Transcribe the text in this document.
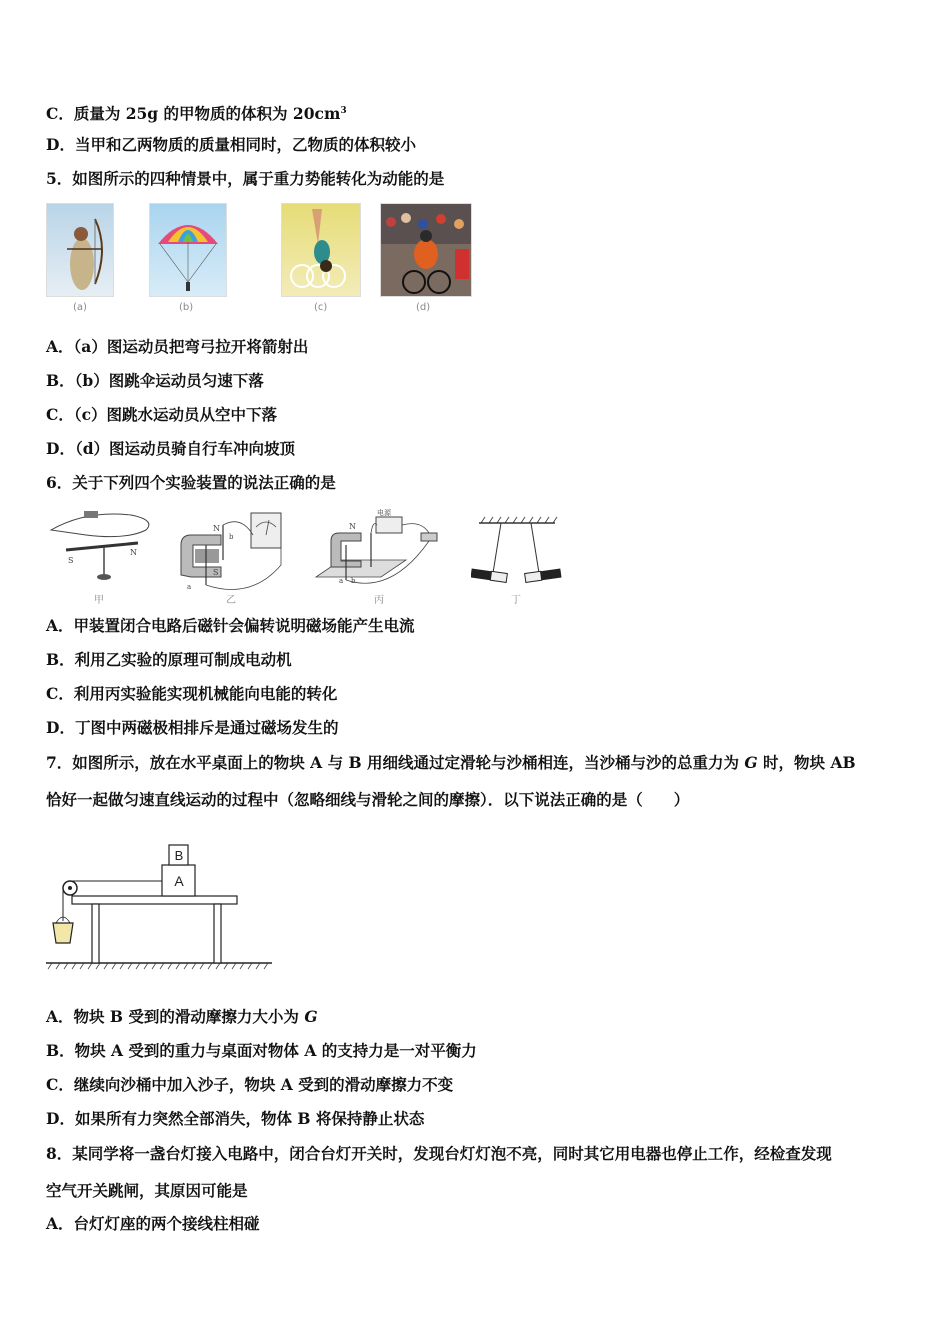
C．质量为 25g 的甲物质的体积为 $20cm^3$
D．当甲和乙两物质的质量相同时，乙物质的体积较小
5．如图所示的四种情景中，属于重力势能转化为动能的是
(a)	(b)	(c)	(d)
A．（a）图运动员把弯弓拉开将箭射出
B．（b）图跳伞运动员匀速下落
C．（c）图跳水运动员从空中下落
D．（d）图运动员骑自行车冲向坡顶
6．关于下列四个实验装置的说法正确的是
S
N
甲
N
S
b
a
乙
电源
N
a b
丙	丁
A．甲装置闭合电路后磁针会偏转说明磁场能产生电流
B．利用乙实验的原理可制成电动机
C．利用丙实验能实现机械能向电能的转化
D．丁图中两磁极相排斥是通过磁场发生的
7．如图所示，放在水平桌面上的物块 A 与 B 用细线通过定滑轮与沙桶相连，当沙桶与沙的总重力为 G 时，物块 AB
恰好一起做匀速直线运动的过程中（忽略细线与滑轮之间的摩擦）．以下说法正确的是（　　）
A
B
A．物块 B 受到的滑动摩擦力大小为 G
B．物块 A 受到的重力与桌面对物体 A 的支持力是一对平衡力
C．继续向沙桶中加入沙子，物块 A 受到的滑动摩擦力不变
D．如果所有力突然全部消失，物体 B 将保持静止状态
8．某同学将一盏台灯接入电路中，闭合台灯开关时，发现台灯灯泡不亮，同时其它用电器也停止工作，经检查发现
空气开关跳闸，其原因可能是
A．台灯灯座的两个接线柱相碰
